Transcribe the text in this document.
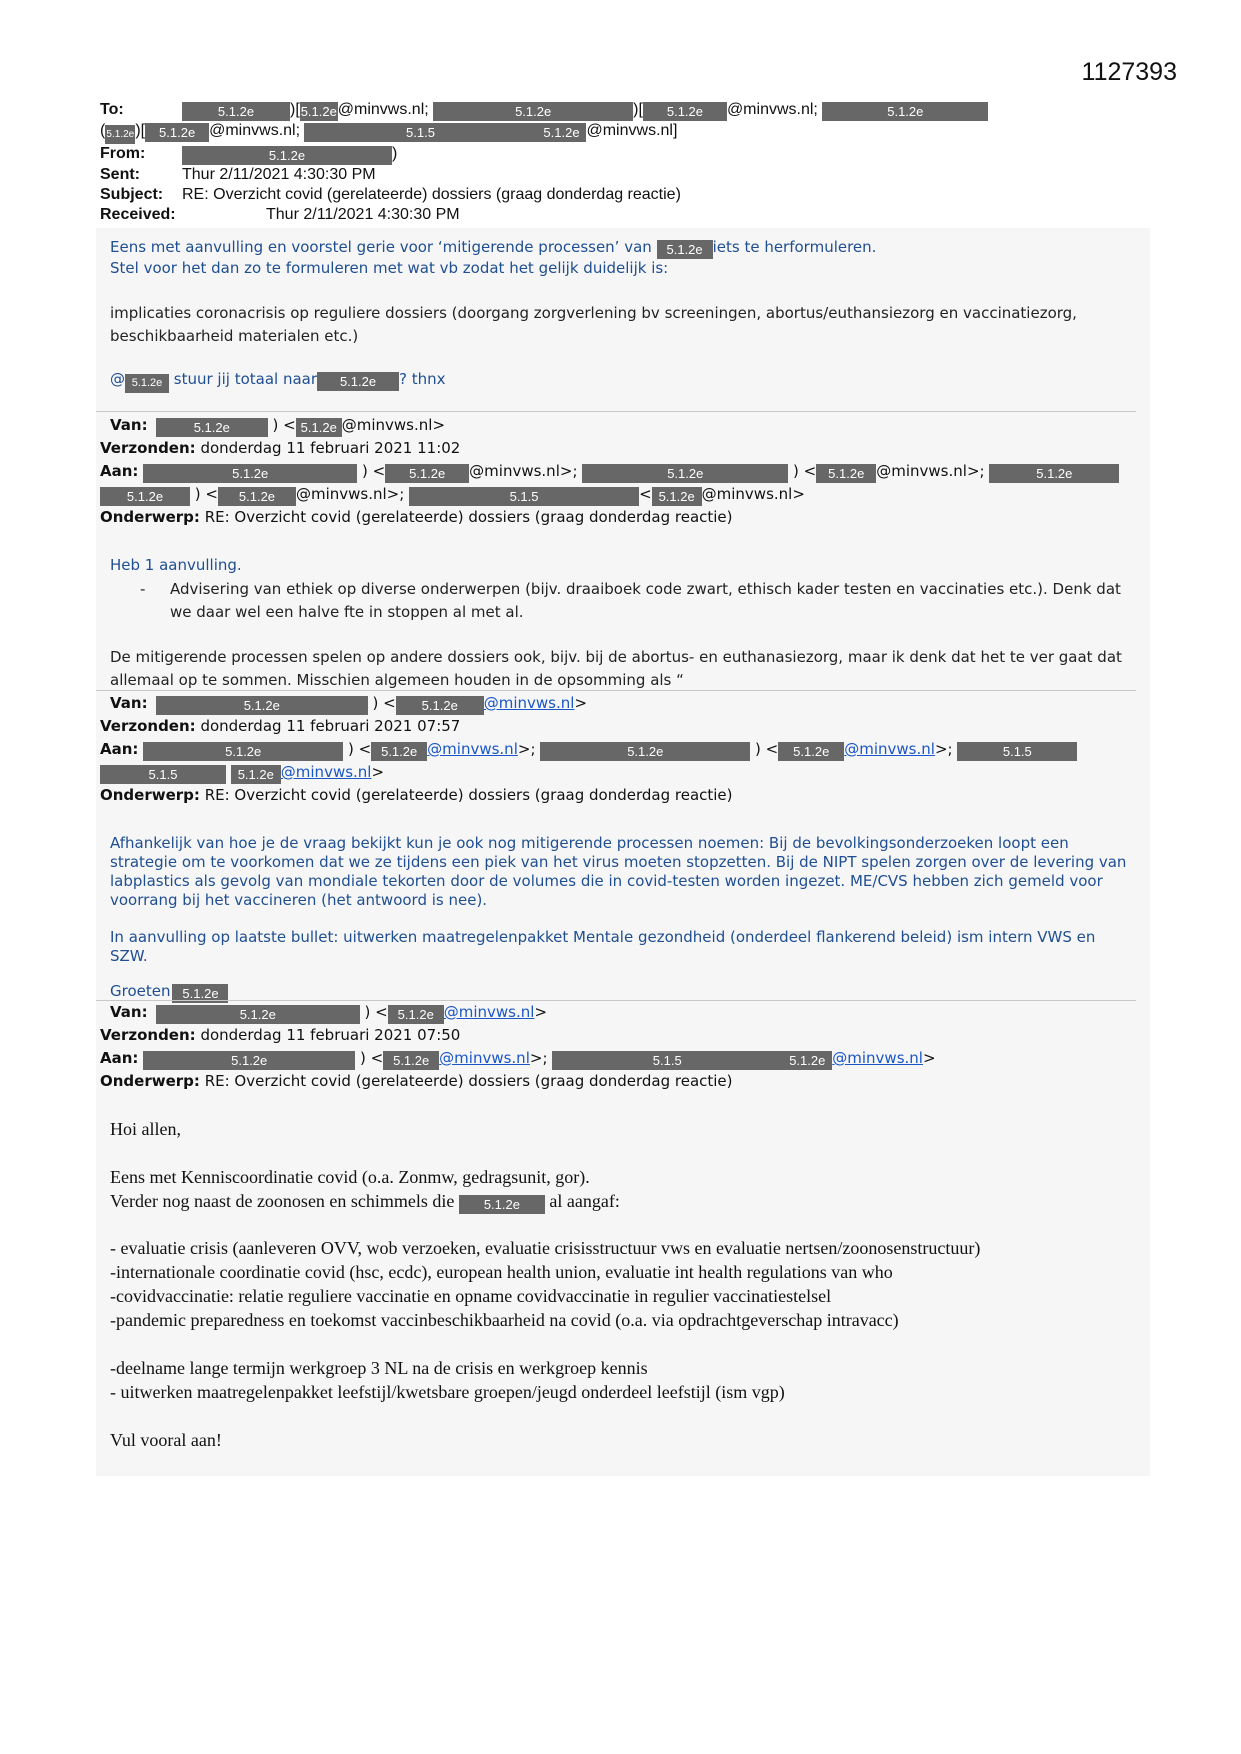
1127393
To:	5.1.2e )[5.1.2e@minvws.nl;	5.1.2e	)[ 5.1.2e @minvws.nl;	5.1.2e
(5.1.2e)[ 5.1.2e @minvws.nl;	5.1.5	5.1.2e @minvws.nl]
From:	5.1.2e	)
Sent:	Thur 2/11/2021 4:30:30 PM
Subject: RE: Overzicht covid (gerelateerde) dossiers (graag donderdag reactie)
Received:	Thur 2/11/2021 4:30:30 PM

Eens met aanvulling en voorstel gerie voor ‘mitigerende processen’ van 5.1.2e iets te herformuleren.

Stel voor het dan zo te formuleren met wat vb zodat het gelijk duidelijk is:

implicaties coronacrisis op reguliere dossiers (doorgang zorgverlening bv screeningen, abortus/euthansiezorg en vaccinatiezorg, beschikbaarheid materialen etc.)
@ 5.1.2e stuur jij totaal naar 5.1.2e ? thnx
Van:	5.1.2e	) < 5.1.2e @minvws.nl>
Verzonden: donderdag 11 februari 2021 11:02
Aan:	5.1.2e	) < 5.1.2e @minvws.nl>;	5.1.2e	) < 5.1.2e @minvws.nl>;	5.1.2e
5.1.2e ) < 5.1.2e @minvws.nl>;	5.1.5	< 5.1.2e @minvws.nl>
Onderwerp: RE: Overzicht covid (gerelateerde) dossiers (graag donderdag reactie)
Heb 1 aanvulling.
- Advisering van ethiek op diverse onderwerpen (bijv. draaiboek code zwart, ethisch kader testen en vaccinaties etc.). Denk dat we daar wel een halve fte in stoppen al met al.
De mitigerende processen spelen op andere dossiers ook, bijv. bij de abortus- en euthanasiezorg, maar ik denk dat het te ver gaat dat allemaal op te sommen. Misschien algemeen houden in de opsomming als “
Van:	5.1.2e	) < 5.1.2e @minvws.nl>
Verzonden: donderdag 11 februari 2021 07:57
Aan:	5.1.2e	) < 5.1.2e @minvws.nl>;	5.1.2e	) < 5.1.2e @minvws.nl>;	5.1.5
5.1.5	5.1.2e @minvws.nl>
Onderwerp: RE: Overzicht covid (gerelateerde) dossiers (graag donderdag reactie)
Afhankelijk van hoe je de vraag bekijkt kun je ook nog mitigerende processen noemen: Bij de bevolkingsonderzoeken loopt een strategie om te voorkomen dat we ze tijdens een piek van het virus moeten stopzetten. Bij de NIPT spelen zorgen over de levering van labplastics als gevolg van mondiale tekorten door de volumes die in covid-testen worden ingezet. ME/CVS hebben zich gemeld voor voorrang bij het vaccineren (het antwoord is nee).
In aanvulling op laatste bullet: uitwerken maatregelenpakket Mentale gezondheid (onderdeel flankerend beleid) ism intern VWS en SZW.
Groeten 5.1.2e
Van:	5.1.2e	) < 5.1.2e @minvws.nl>
Verzonden: donderdag 11 februari 2021 07:50
Aan:	5.1.2e	) < 5.1.2e @minvws.nl>;	5.1.5	5.1.2e @minvws.nl>
Onderwerp: RE: Overzicht covid (gerelateerde) dossiers (graag donderdag reactie)
Hoi allen,

Eens met Kenniscoordinatie covid (o.a. Zonmw, gedragsunit, gor).

Verder nog naast de zoonosen en schimmels die 5.1.2e al aangaf:

- evaluatie crisis (aanleveren OVV, wob verzoeken, evaluatie crisisstructuur vws en evaluatie nertsen/zoonosenstructuur)

-internationale coordinatie covid (hsc, ecdc), european health union, evaluatie int health regulations van who

-covidvaccinatie: relatie reguliere vaccinatie en opname covidvaccinatie in regulier vaccinatiestelsel

-pandemic preparedness en toekomst vaccinbeschikbaarheid na covid (o.a. via opdrachtgeverschap intravacc)

-deelname lange termijn werkgroep 3 NL na de crisis en werkgroep kennis

- uitwerken maatregelenpakket leefstijl/kwetsbare groepen/jeugd onderdeel leefstijl (ism vgp)

Vul vooral aan!
